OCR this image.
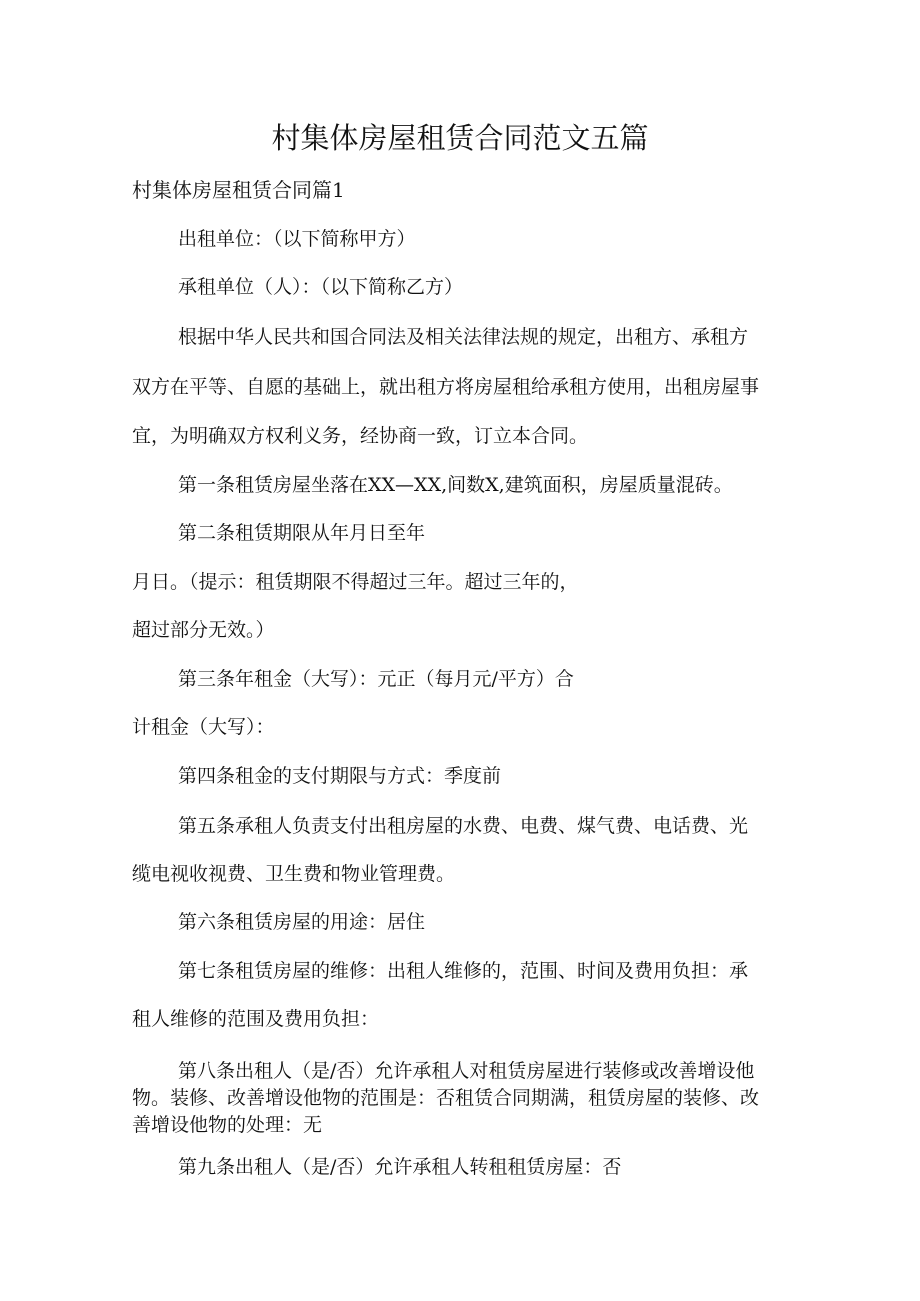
村集体房屋租赁合同范文五篇
村集体房屋租赁合同篇1
出租单位：（以下简称甲方）
承租单位（人）：（以下简称乙方）
根据中华人民共和国合同法及相关法律法规的规定，出租方、承租方
双方在平等、自愿的基础上，就出租方将房屋租给承租方使用，出租房屋事
宜，为明确双方权利义务，经协商一致，订立本合同。
第一条租赁房屋坐落在XX—XX,间数X,建筑面积，房屋质量混砖。
第二条租赁期限从年月日至年
月日。（提示：租赁期限不得超过三年。超过三年的，
超过部分无效。）
第三条年租金（大写）：元正（每月元/平方）合
计租金（大写）：
第四条租金的支付期限与方式：季度前
第五条承租人负责支付出租房屋的水费、电费、煤气费、电话费、光
缆电视收视费、卫生费和物业管理费。
第六条租赁房屋的用途：居住
第七条租赁房屋的维修：出租人维修的，范围、时间及费用负担：承
租人维修的范围及费用负担：
第八条出租人（是/否）允许承租人对租赁房屋进行装修或改善增设他
物。装修、改善增设他物的范围是：否租赁合同期满，租赁房屋的装修、改
善增设他物的处理：无
第九条出租人（是/否）允许承租人转租租赁房屋：否
